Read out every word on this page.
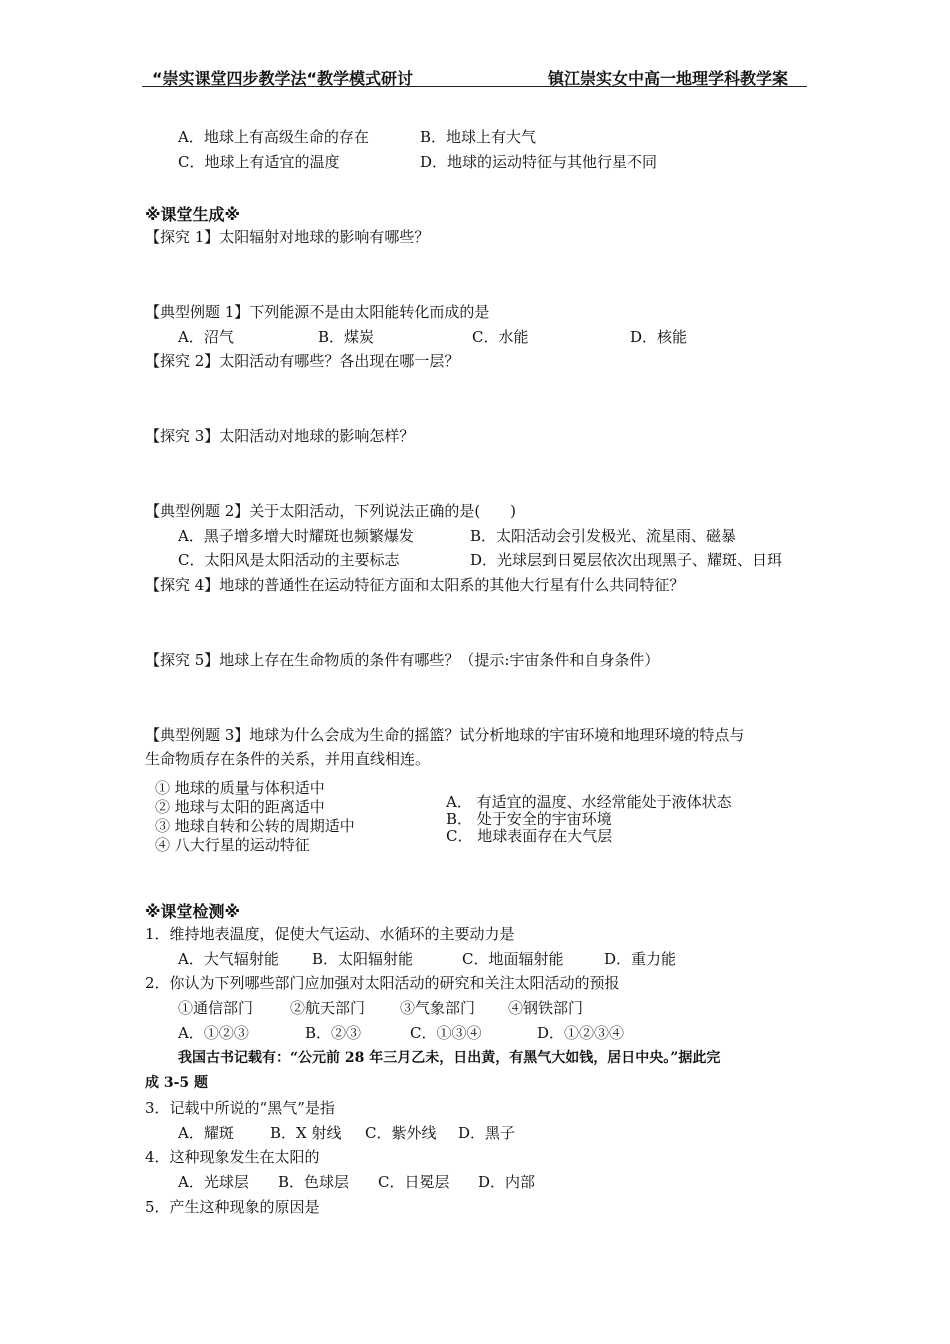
“崇实课堂四步教学法“教学模式研讨	镇江崇实女中高一地理学科教学案
A．地球上有高级生命的存在	B．地球上有大气
C．地球上有适宜的温度	D．地球的运动特征与其他行星不同
※课堂生成※
【探究 1】太阳辐射对地球的影响有哪些？
【典型例题 1】下列能源不是由太阳能转化而成的是
A．沼气	B．煤炭	C．水能	D．核能
【探究 2】太阳活动有哪些？各出现在哪一层？
【探究 3】太阳活动对地球的影响怎样？
【典型例题 2】关于太阳活动，下列说法正确的是(　　)
A．黑子增多增大时耀斑也频繁爆发	B．太阳活动会引发极光、流星雨、磁暴
C．太阳风是太阳活动的主要标志	D．光球层到日冕层依次出现黑子、耀斑、日珥
【探究 4】地球的普通性在运动特征方面和太阳系的其他大行星有什么共同特征？
【探究 5】地球上存在生命物质的条件有哪些？（提示:宇宙条件和自身条件）
【典型例题 3】地球为什么会成为生命的摇篮？试分析地球的宇宙环境和地理环境的特点与
生命物质存在条件的关系，并用直线相连。
① 地球的质量与体积适中
② 地球与太阳的距离适中
③ 地球自转和公转的周期适中
④ 八大行星的运动特征
A． 有适宜的温度、水经常能处于液体状态
B． 处于安全的宇宙环境
C． 地球表面存在大气层
※课堂检测※
1．维持地表温度，促使大气运动、水循环的主要动力是
A．大气辐射能 B．太阳辐射能	C．地面辐射能	D．重力能
2．你认为下列哪些部门应加强对太阳活动的研究和关注太阳活动的预报
①通信部门 ②航天部门 ③气象部门 ④钢铁部门
A．①②③	B．②③	C．①③④	D．①②③④
我国古书记载有：“公元前 28 年三月乙未，日出黄，有黑气大如钱，居日中央。”据此完
成 3-5 题
3．记载中所说的“黑气”是指
A．耀斑 B．X 射线 C．紫外线 D．黑子
4．这种现象发生在太阳的
A．光球层 B．色球层 C．日冕层 D．内部
5．产生这种现象的原因是
